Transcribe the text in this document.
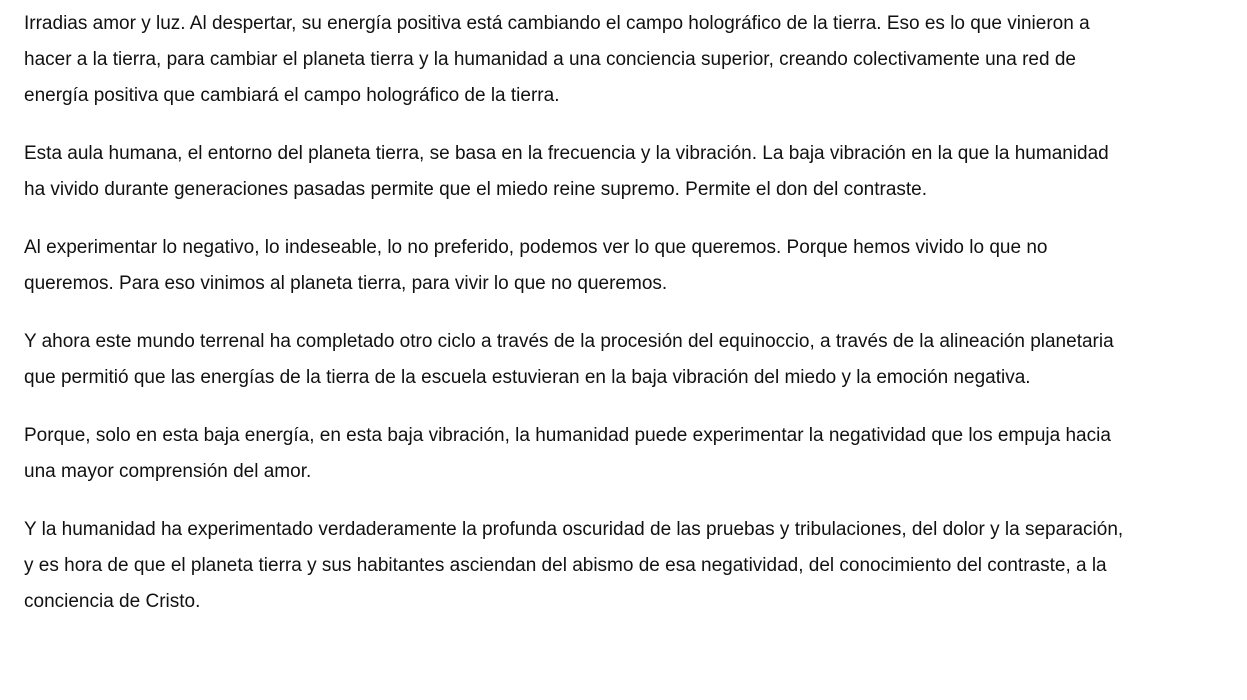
Irradias amor y luz. Al despertar, su energía positiva está cambiando el campo holográfico de la tierra. Eso es lo que vinieron a hacer a la tierra, para cambiar el planeta tierra y la humanidad a una conciencia superior, creando colectivamente una red de energía positiva que cambiará el campo holográfico de la tierra.

Esta aula humana, el entorno del planeta tierra, se basa en la frecuencia y la vibración. La baja vibración en la que la humanidad ha vivido durante generaciones pasadas permite que el miedo reine supremo. Permite el don del contraste.

Al experimentar lo negativo, lo indeseable, lo no preferido, podemos ver lo que queremos. Porque hemos vivido lo que no queremos. Para eso vinimos al planeta tierra, para vivir lo que no queremos.

Y ahora este mundo terrenal ha completado otro ciclo a través de la procesión del equinoccio, a través de la alineación planetaria que permitió que las energías de la tierra de la escuela estuvieran en la baja vibración del miedo y la emoción negativa.

Porque, solo en esta baja energía, en esta baja vibración, la humanidad puede experimentar la negatividad que los empuja hacia una mayor comprensión del amor.

Y la humanidad ha experimentado verdaderamente la profunda oscuridad de las pruebas y tribulaciones, del dolor y la separación, y es hora de que el planeta tierra y sus habitantes asciendan del abismo de esa negatividad, del conocimiento del contraste, a la conciencia de Cristo.
